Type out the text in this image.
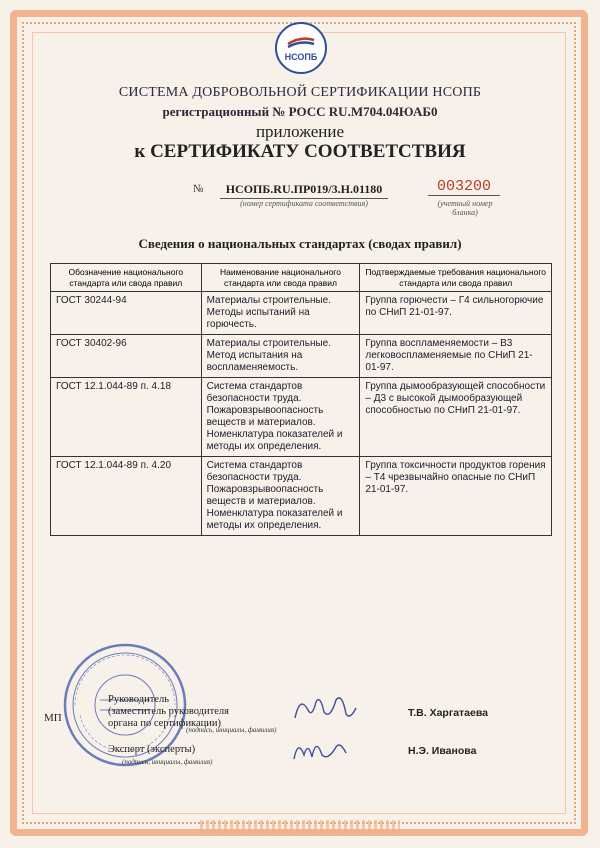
НСОПБ
СИСТЕМА ДОБРОВОЛЬНОЙ СЕРТИФИКАЦИИ НСОПБ
регистрационный № РОСС RU.М704.04ЮАБ0
приложение
к СЕРТИФИКАТУ СООТВЕТСТВИЯ
№	НСОПБ.RU.ПР019/3.Н.01180
(номер сертификата соответствия)
003200
(учетный номер бланка)
Сведения о национальных стандартах (сводах правил)
Обозначение национального стандарта или свода правил	Наименование национального стандарта или свода правил	Подтверждаемые требования национального стандарта или свода правил
ГОСТ 30244-94	Материалы строительные. Методы испытаний на горючесть.	Группа горючести – Г4 сильногорючие по СНиП 21-01-97.
ГОСТ 30402-96	Материалы строительные. Метод испытания на воспламеняемость.	Группа воспламеняемости – В3 легковоспламеняемые по СНиП 21-01-97.
ГОСТ 12.1.044-89 п. 4.18	Система стандартов безопасности труда. Пожаровзрывоопасность веществ и материалов. Номенклатура показателей и методы их определения.	Группа дымообразующей способности – Д3 с высокой дымообразующей способностью по СНиП 21-01-97.
ГОСТ 12.1.044-89 п. 4.20	Система стандартов безопасности труда. Пожаровзрывоопасность веществ и материалов. Номенклатура показателей и методы их определения.	Группа токсичности продуктов горения – Т4 чрезвычайно опасные по СНиП 21-01-97.
МП
Руководитель
(заместитель руководителя
органа по сертификации)
(подпись, инициалы, фамилия)
Эксперт (эксперты)
(подпись, инициалы, фамилия)
Т.В. Харгатаева
Н.Э. Иванова
